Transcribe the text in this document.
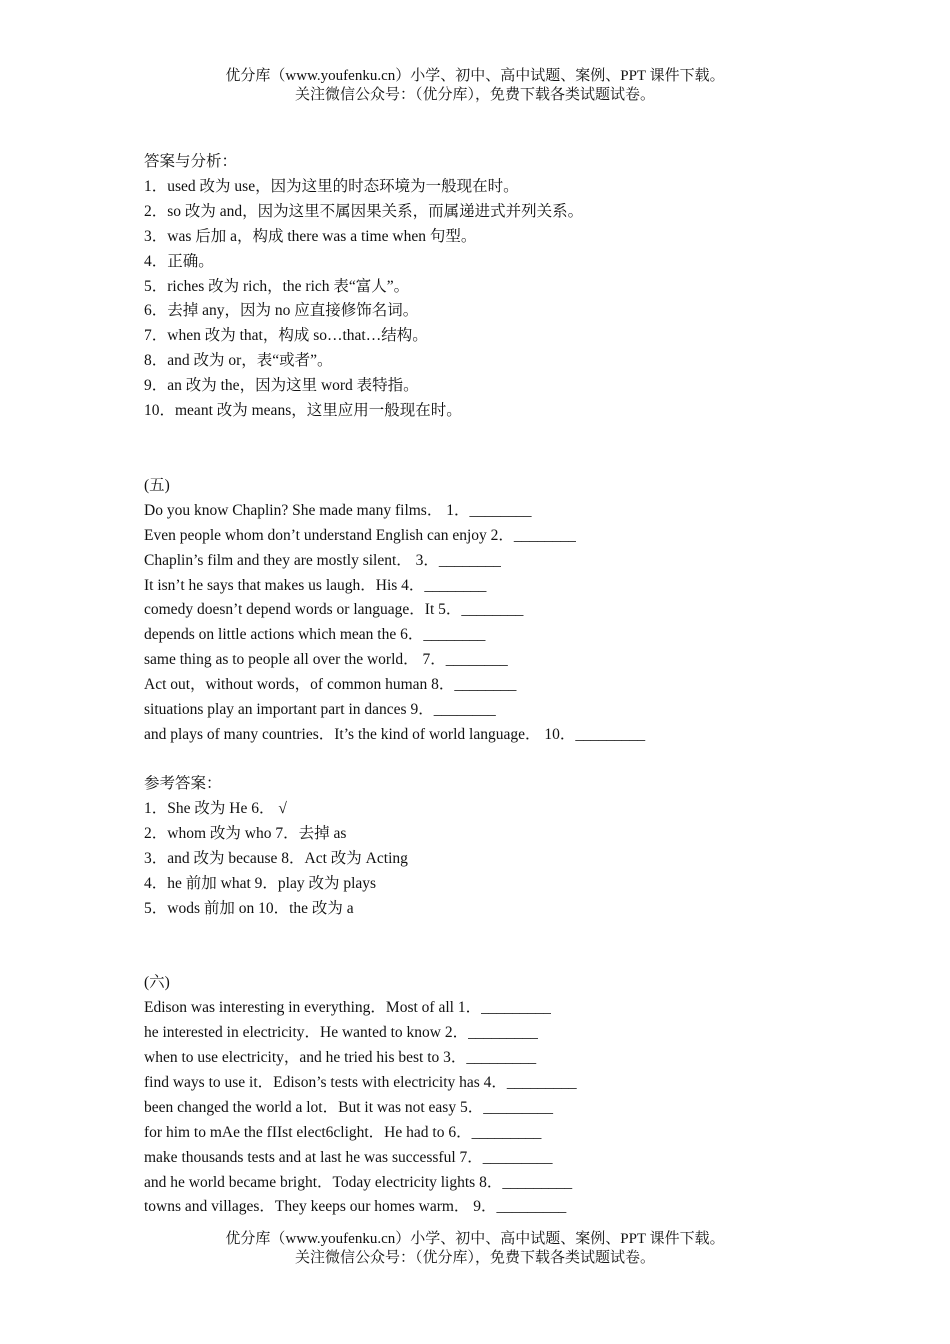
优分库（www.youfenku.cn）小学、初中、高中试题、案例、PPT 课件下载。
关注微信公众号：（优分库），免费下载各类试题试卷。
答案与分析：
1．used 改为 use，因为这里的时态环境为一般现在时。
2．so 改为 and，因为这里不属因果关系，而属递进式并列关系。
3．was 后加 a，构成 there was a time when 句型。
4．正确。
5．riches 改为 rich，the rich 表“富人”。
6．去掉 any，因为 no 应直接修饰名词。
7．when 改为 that，构成 so…that…结构。
8．and 改为 or，表“或者”。
9．an 改为 the，因为这里 word 表特指。
10．meant 改为 means，这里应用一般现在时。
(五)
Do you know Chaplin? She made many films． 1．________
Even people whom don’t understand English can enjoy 2．________
Chaplin’s film and they are mostly silent． 3．________
It isn’t he says that makes us laugh．His 4．________
comedy doesn’t depend words or language．It 5．________
depends on little actions which mean the 6．________
same thing as to people all over the world． 7．________
Act out，without words，of common human 8．________
situations play an important part in dances 9．________
and plays of many countries．It’s the kind of world language． 10．_________
参考答案：
1．She 改为 He 6． √
2．whom 改为 who 7．去掉 as
3．and 改为 because 8．Act 改为 Acting
4．he 前加 what 9．play 改为 plays
5．wods 前加 on 10．the 改为 a
(六)
Edison was interesting in everything．Most of all 1．_________
he interested in electricity．He wanted to know 2．_________
when to use electricity，and he tried his best to 3．_________
find ways to use it．Edison’s tests with electricity has 4．_________
been changed the world a lot．But it was not easy 5．_________
for him to mAe the fIIst elect6clight．He had to 6．_________
make thousands tests and at last he was successful 7．_________
and he world became bright．Today electricity lights 8．_________
towns and villages．They keeps our homes warm． 9．_________
优分库（www.youfenku.cn）小学、初中、高中试题、案例、PPT 课件下载。
关注微信公众号：（优分库），免费下载各类试题试卷。
